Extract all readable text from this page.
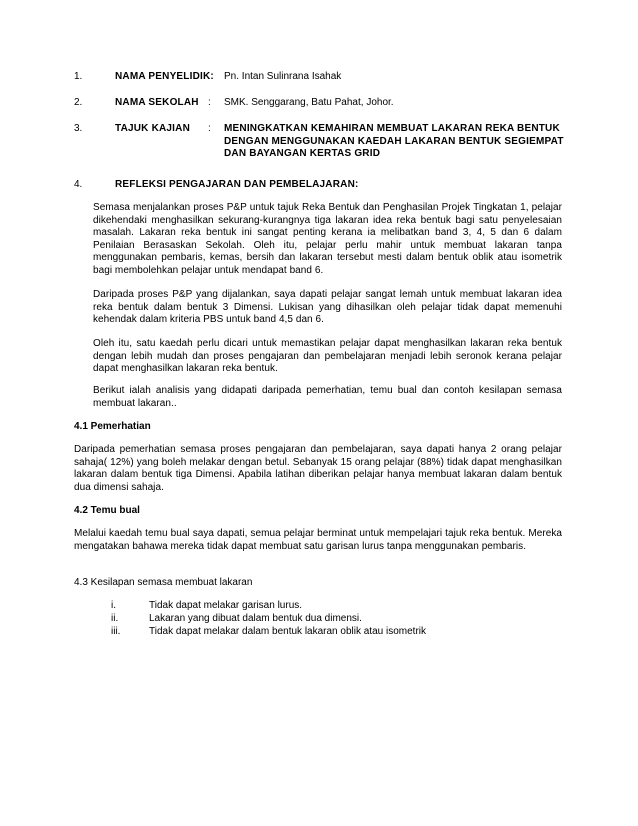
1.	NAMA PENYELIDIK: Pn. Intan Sulinrana Isahak
2.	NAMA SEKOLAH : SMK. Senggarang, Batu Pahat, Johor.
3.	TAJUK KAJIAN : MENINGKATKAN KEMAHIRAN MEMBUAT LAKARAN REKA BENTUK DENGAN MENGGUNAKAN KAEDAH LAKARAN BENTUK SEGIEMPAT DAN BAYANGAN KERTAS GRID
4.	REFLEKSI PENGAJARAN DAN PEMBELAJARAN:

Semasa menjalankan proses P&P untuk tajuk Reka Bentuk dan Penghasilan Projek Tingkatan 1, pelajar dikehendaki menghasilkan sekurang-kurangnya tiga lakaran idea reka bentuk bagi satu penyelesaian masalah. Lakaran reka bentuk ini sangat penting kerana ia melibatkan band 3, 4, 5 dan 6 dalam Penilaian Berasaskan Sekolah. Oleh itu, pelajar perlu mahir untuk membuat lakaran tanpa menggunakan pembaris, kemas, bersih dan lakaran tersebut mesti dalam bentuk oblik atau isometrik bagi membolehkan pelajar untuk mendapat band 6.

Daripada proses P&P yang dijalankan, saya dapati pelajar sangat lemah untuk membuat lakaran idea reka bentuk dalam bentuk 3 Dimensi. Lukisan yang dihasilkan oleh pelajar tidak dapat memenuhi kehendak dalam kriteria PBS untuk band 4,5 dan 6.

Oleh itu, satu kaedah perlu dicari untuk memastikan pelajar dapat menghasilkan lakaran reka bentuk dengan lebih mudah dan proses pengajaran dan pembelajaran menjadi lebih seronok kerana pelajar dapat menghasilkan lakaran reka bentuk.

Berikut ialah analisis yang didapati daripada pemerhatian, temu bual dan contoh kesilapan semasa membuat lakaran..

4.1 Pemerhatian

Daripada pemerhatian semasa proses pengajaran dan pembelajaran, saya dapati hanya 2 orang pelajar sahaja( 12%) yang boleh melakar dengan betul. Sebanyak 15 orang pelajar (88%) tidak dapat menghasilkan lakaran dalam bentuk tiga Dimensi. Apabila latihan diberikan pelajar hanya membuat lakaran dalam bentuk dua dimensi sahaja.

4.2 Temu bual

Melalui kaedah temu bual saya dapati, semua pelajar berminat untuk mempelajari tajuk reka bentuk. Mereka mengatakan bahawa mereka tidak dapat membuat satu garisan lurus tanpa menggunakan pembaris.

4.3 Kesilapan semasa membuat lakaran
i.	Tidak dapat melakar garisan lurus.
ii.	Lakaran yang dibuat dalam bentuk dua dimensi.
iii.	Tidak dapat melakar dalam bentuk lakaran oblik atau isometrik
